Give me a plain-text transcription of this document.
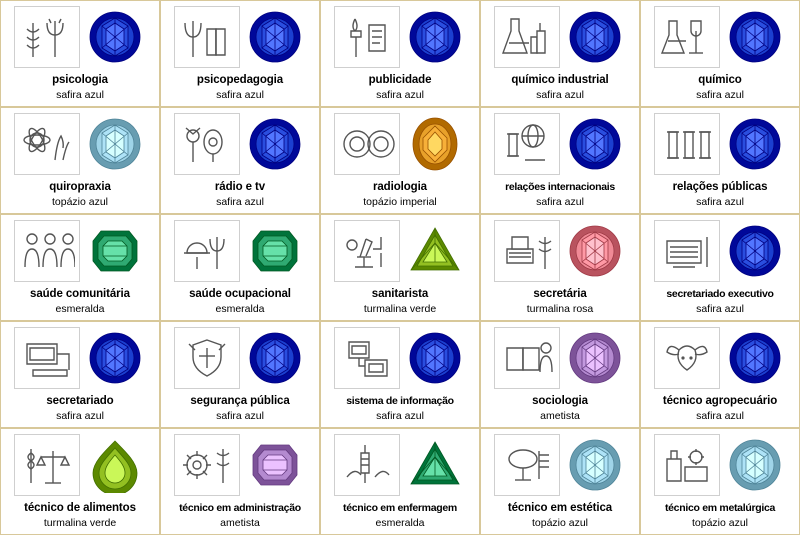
psicologia
safira azul
psicopedagogia
safira azul
publicidade
safira azul
químico industrial
safira azul
químico
safira azul
quiropraxia
topázio azul
rádio e tv
safira azul
radiologia
topázio imperial
relações internacionais
safira azul
relações públicas
safira azul
saúde comunitária
esmeralda
saúde ocupacional
esmeralda
sanitarista
turmalina verde
secretária
turmalina rosa
secretariado executivo
safira azul
secretariado
safira azul
segurança pública
safira azul
sistema de informação
safira azul
sociologia
ametista
técnico agropecuário
safira azul
técnico de alimentos
turmalina verde
técnico em administração
ametista
técnico em enfermagem
esmeralda
técnico em estética
topázio azul
técnico em metalúrgica
topázio azul
